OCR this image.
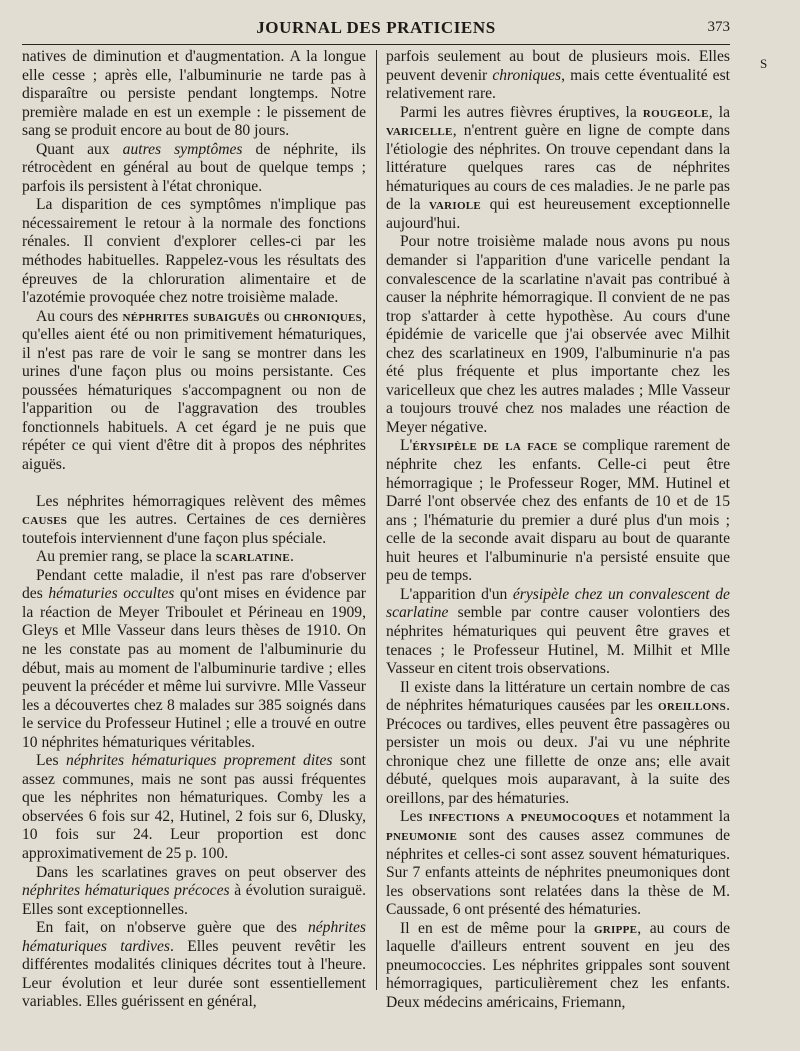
JOURNAL DES PRATICIENS	373
S

natives de diminution et d'augmentation. A la longue elle cesse ; après elle, l'albuminurie ne tarde pas à disparaître ou persiste pendant longtemps. Notre première malade en est un exemple : le pissement de sang se produit encore au bout de 80 jours.

Quant aux autres symptômes de néphrite, ils rétrocèdent en général au bout de quelque temps ; parfois ils persistent à l'état chronique.

La disparition de ces symptômes n'implique pas nécessairement le retour à la normale des fonctions rénales. Il convient d'explorer celles-ci par les méthodes habituelles. Rappelez-vous les résultats des épreuves de la chloruration alimentaire et de l'azotémie provoquée chez notre troisième malade.

Au cours des néphrites subaiguës ou chroniques, qu'elles aient été ou non primitivement hématuriques, il n'est pas rare de voir le sang se montrer dans les urines d'une façon plus ou moins persistante. Ces poussées hématuriques s'accompagnent ou non de l'apparition ou de l'aggravation des troubles fonctionnels habituels. A cet égard je ne puis que répéter ce qui vient d'être dit à propos des néphrites aiguës.

Les néphrites hémorragiques relèvent des mêmes causes que les autres. Certaines de ces dernières toutefois interviennent d'une façon plus spéciale.

Au premier rang, se place la scarlatine.

Pendant cette maladie, il n'est pas rare d'observer des hématuries occultes qu'ont mises en évidence par la réaction de Meyer Triboulet et Périneau en 1909, Gleys et Mlle Vasseur dans leurs thèses de 1910. On ne les constate pas au moment de l'albuminurie du début, mais au moment de l'albuminurie tardive ; elles peuvent la précéder et même lui survivre. Mlle Vasseur les a découvertes chez 8 malades sur 385 soignés dans le service du Professeur Hutinel ; elle a trouvé en outre 10 néphrites hématuriques véritables.

Les néphrites hématuriques proprement dites sont assez communes, mais ne sont pas aussi fréquentes que les néphrites non hématuriques. Comby les a observées 6 fois sur 42, Hutinel, 2 fois sur 6, Dlusky, 10 fois sur 24. Leur proportion est donc approximativement de 25 p. 100.

Dans les scarlatines graves on peut observer des néphrites hématuriques précoces à évolution suraiguë. Elles sont exceptionnelles.

En fait, on n'observe guère que des néphrites hématuriques tardives. Elles peuvent revêtir les différentes modalités cliniques décrites tout à l'heure. Leur évolution et leur durée sont essentiellement variables. Elles guérissent en général,

parfois seulement au bout de plusieurs mois. Elles peuvent devenir chroniques, mais cette éventualité est relativement rare.

Parmi les autres fièvres éruptives, la rougeole, la varicelle, n'entrent guère en ligne de compte dans l'étiologie des néphrites. On trouve cependant dans la littérature quelques rares cas de néphrites hématuriques au cours de ces maladies. Je ne parle pas de la variole qui est heureusement exceptionnelle aujourd'hui.

Pour notre troisième malade nous avons pu nous demander si l'apparition d'une varicelle pendant la convalescence de la scarlatine n'avait pas contribué à causer la néphrite hémorragique. Il convient de ne pas trop s'attarder à cette hypothèse. Au cours d'une épidémie de varicelle que j'ai observée avec Milhit chez des scarlatineux en 1909, l'albuminurie n'a pas été plus fréquente et plus importante chez les varicelleux que chez les autres malades ; Mlle Vasseur a toujours trouvé chez nos malades une réaction de Meyer négative.

L'érysipèle de la face se complique rarement de néphrite chez les enfants. Celle-ci peut être hémorragique ; le Professeur Roger, MM. Hutinel et Darré l'ont observée chez des enfants de 10 et de 15 ans ; l'hématurie du premier a duré plus d'un mois ; celle de la seconde avait disparu au bout de quarante huit heures et l'albuminurie n'a persisté ensuite que peu de temps.

L'apparition d'un érysipèle chez un convalescent de scarlatine semble par contre causer volontiers des néphrites hématuriques qui peuvent être graves et tenaces ; le Professeur Hutinel, M. Milhit et Mlle Vasseur en citent trois observations.

Il existe dans la littérature un certain nombre de cas de néphrites hématuriques causées par les oreillons. Précoces ou tardives, elles peuvent être passagères ou persister un mois ou deux. J'ai vu une néphrite chronique chez une fillette de onze ans; elle avait débuté, quelques mois auparavant, à la suite des oreillons, par des hématuries.

Les infections a pneumocoques et notamment la pneumonie sont des causes assez communes de néphrites et celles-ci sont assez souvent hématuriques. Sur 7 enfants atteints de néphrites pneumoniques dont les observations sont relatées dans la thèse de M. Caussade, 6 ont présenté des hématuries.

Il en est de même pour la grippe, au cours de laquelle d'ailleurs entrent souvent en jeu des pneumococcies. Les néphrites grippales sont souvent hémorragiques, particulièrement chez les enfants. Deux médecins américains, Friemann,
